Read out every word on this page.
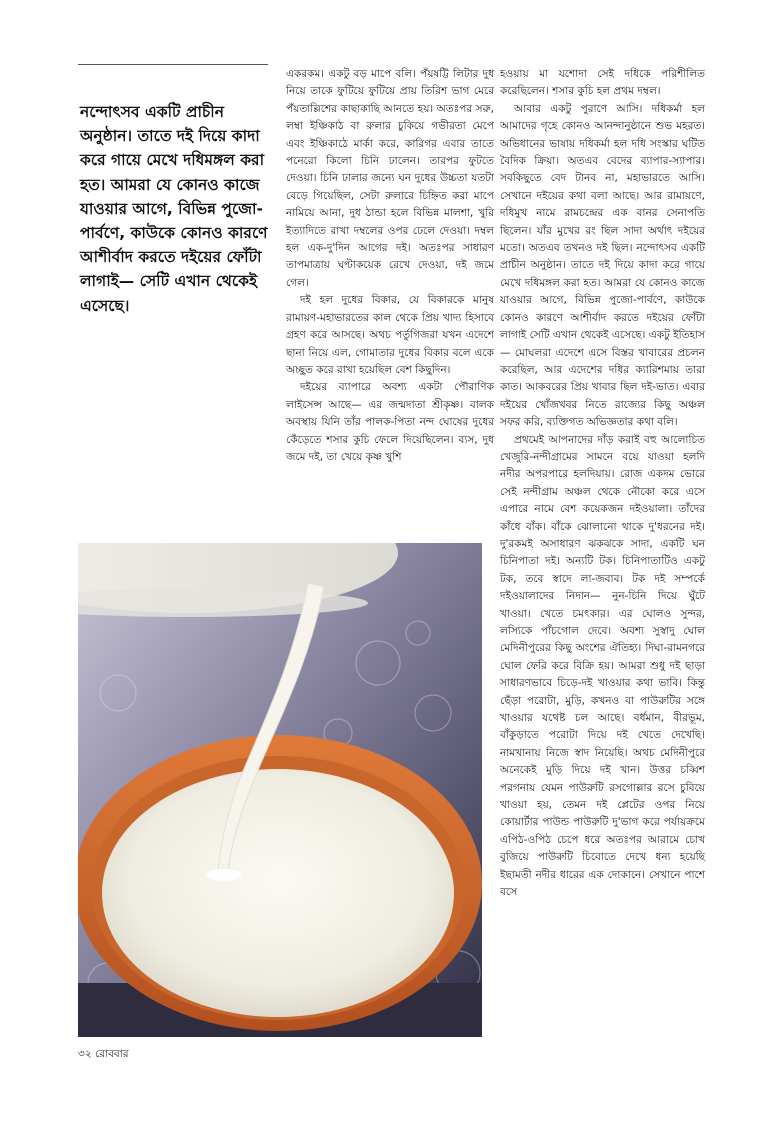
নন্দোৎসব একটি প্রাচীন অনুষ্ঠান। তাতে দই দিয়ে কাদা করে গায়ে মেখে দধিমঙ্গল করা হত। আমরা যে কোনও কাজে যাওয়ার আগে, বিভিন্ন পুজো-পার্বণে, কাউকে কোনও কারণে আশীর্বাদ করতে দইয়ের ফোঁটা লাগাই— সেটি এখান থেকেই এসেছে।

একরকম। একটু বড় মাপে বলি। পঁয়ষট্টি লিটার দুধ নিয়ে তাকে ফুটিয়ে ফুটিয়ে প্রায় তিরিশ ভাগ মেরে পঁয়তাল্লিশের কাছাকাছি আনতে হয়। অতঃপর সরু, লম্বা ইঞ্চিকাঠ বা রুলার চুকিয়ে গভীরতা মেপে এবং ইঞ্চিকাঠে মার্কা করে, কারিগর এবার তাতে পনেরো কিলো চিনি ঢালেন। তারপর ফুটতে দেওয়া। চিনি ঢালার জন্যে ঘন দুধের উচ্চতা যতটা বেড়ে গিয়েছিল, সেটা রুলারে চিহ্নিত করা মাপে নামিয়ে আনা, দুধ ঠান্ডা হলে বিভিন্ন মালশা, খুরি ইত্যাদিতে রাখা দম্বলের ওপর ঢেলে দেওয়া। দম্বল হল এক-দু'দিন আগের দই। অতঃপর সাধারণ তাপমাত্রায় ঘণ্টাকয়েক রেখে দেওয়া, দই জমে গেল।

দই হল দুধের বিকার, যে বিকারকে মানুষ রামায়ণ-মহাভারতের কাল থেকে প্রিয় খাদ্য হিসাবে গ্রহণ করে আসছে। অথচ পর্তুগিজরা যখন এদেশে ছানা নিয়ে এল, গোমাতার দুধের বিকার বলে একে অচ্ছুত করে রাখা হয়েছিল বেশ কিছুদিন।

দইয়ের ব্যাপারে অবশ্য একটা পৌরাণিক লাইসেন্স আছে— এর জন্মদাতা শ্রীকৃষ্ণ। বালক অবস্থায় যিনি তাঁর পালক-পিতা নন্দ ঘোষের দুধের কেঁড়েতে শসার কুচি ফেলে দিয়েছিলেন। ব্যস, দুধ জমে দই, তা খেয়ে কৃষ্ণ খুশি

হওয়ায় মা যশোদা সেই দধিকে পরিশীলিত করেছিলেন। শসার কুচি হল প্রথম দম্বল।

আবার একটু পুরাণে আসি। দধিকর্মা হল আমাদের গৃহে কোনও আনন্দানুষ্ঠানে শুভ মহরত। অভিধানের ভাষায় দধিকর্মা হল দধি সংস্কার ঘটিত বৈদিক ক্রিয়া। অতএব বেদের ব্যাপার-স্যাপার। সবকিছুতে বেদ টানব না, মহাভারতে আসি। সেখানে দইয়ের কথা বলা আছে। আর রামায়ণে, দধিমুখ নামে রামচন্দ্রের এক বানর সেনাপতি ছিলেন। যাঁর মুখের রং ছিল সাদা অর্থাৎ দইয়ের মতো। অতএব তখনও দই ছিল। নন্দোৎসব একটি প্রাচীন অনুষ্ঠান। তাতে দই দিয়ে কাদা করে গায়ে মেখে দধিমঙ্গল করা হত। আমরা যে কোনও কাজে যাওয়ার আগে, বিভিন্ন পুজো-পার্বণে, কাউকে কোনও কারণে আশীর্বাদ করতে দইয়ের ফোঁটা লাগাই সেটি এখান থেকেই এসেছে। একটু ইতিহাস— মোঘলরা এদেশে এসে বিস্তর খাবারের প্রচলন করেছিল, আর এদেশের দধির ক্যারিশমায় তারা কাত। আকবরের প্রিয় খাবার ছিল দই-ভাত। এবার দইয়ের খোঁজখবর নিতে রাজ্যের কিছু অঞ্চল সফর করি, ব্যক্তিগত অভিজ্ঞতার কথা বলি।

প্রথমেই আপনাদের দাঁড় করাই বহু আলোচিত খেজুরি-নন্দীগ্রামের সামনে বয়ে যাওয়া হলদি নদীর অপরপারে হলদিয়ায়। রোজ একদম ভোরে সেই নন্দীগ্রাম অঞ্চল থেকে নৌকো করে এসে এপারে নামে বেশ কয়েকজন দইওয়ালা। তাঁদের কাঁধে বাঁক। বাঁকে ঝোলানো থাকে দু'ধরনের দই। দু'রকমই অসাধারণ ঝকঝকে সাদা, একটি ঘন চিনিপাতা দই। অন্যটি টক। চিনিপাতাটিও একটু টক, তবে স্বাদে লা-জবাব। টক দই সম্পর্কে দইওয়ালাদের নিদান— নুন-চিনি দিয়ে ঘুঁটে খাওয়া। খেতে চমৎকার। এর ঘোলও সুন্দর, লস্যিকে পাঁচগোল দেবে। অবশ্য সুস্বাদু ঘোল মেদিনীপুরের কিছু অংশের ঐতিহ্য। দিঘা-রামনগরে ঘোল ফেরি করে বিক্রি হয়। আমরা শুধু দই ছাড়া সাধারণভাবে চিড়ে-দই খাওয়ার কথা ভাবি। কিন্তু ছেঁড়া পরোটা, মুড়ি, কখনও বা পাউরুটির সঙ্গে খাওয়ার যথেষ্ট চল আছে। বর্ধমান, বীরভূম, বাঁকুড়াতে পরোটা দিয়ে দই খেতে দেখেছি। নামখানায় নিজে স্বাদ নিয়েছি। অথচ মেদিনীপুরে অনেকেই মুড়ি দিয়ে দই খান। উত্তর চব্বিশ পরগনায় যেমন পাউরুটি রসগোল্লার রসে চুবিয়ে খাওয়া হয়, তেমন দই প্লেটের ওপর নিয়ে কোয়ার্টার পাউন্ড পাউরুটি দু'ভাগ করে পর্যায়ক্রমে এপিঠ-ওপিঠ চেপে ধরে অতঃপর আরামে চোখ বুজিয়ে পাউরুটি চিবোতে দেখে ধন্য হয়েছি ইছামতী নদীর ধারের এক দোকানে। সেখানে পাশে বসে

৩২ রোববার
